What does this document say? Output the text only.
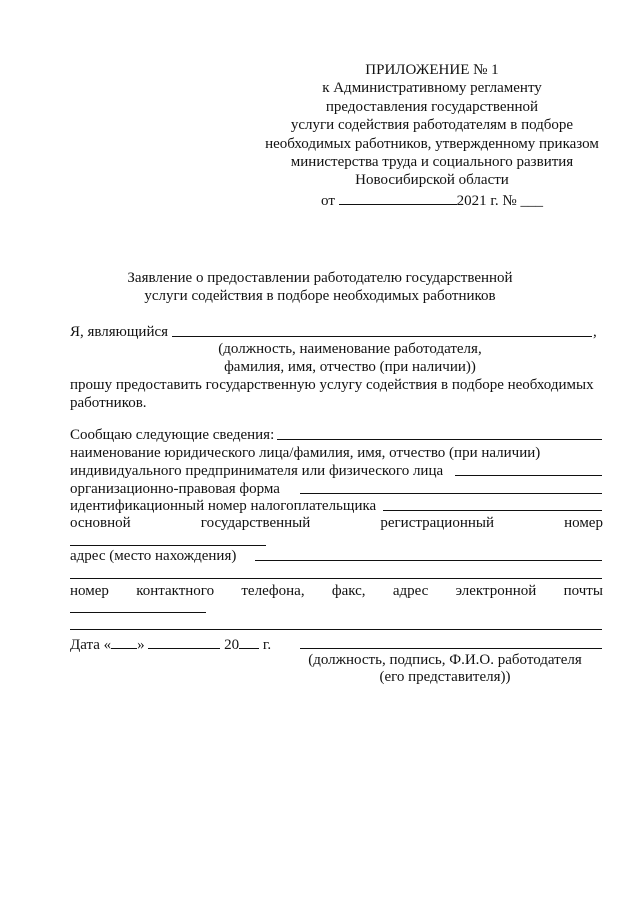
ПРИЛОЖЕНИЕ № 1
к Административному регламенту
предоставления государственной
услуги содействия работодателям в подборе
необходимых работников, утвержденному приказом
министерства труда и социального развития
Новосибирской области
от	2021 г. № ___
Заявление о предоставлении работодателю государственной
услуги содействия в подборе необходимых работников
Я, являющийся	,
(должность, наименование работодателя,
фамилия, имя, отчество (при наличии))
прошу предоставить государственную услугу содействия в подборе необходимых
работников.
Сообщаю следующие сведения:
наименование юридического лица/фамилия, имя, отчество (при наличии)
индивидуального предпринимателя или физического лица
организационно-правовая форма
идентификационный номер налогоплательщика
основной	государственный	регистрационный	номер
адрес (место нахождения)
номер контактного телефона, факс, адрес электронной почты
Дата « »	20 г.
(должность, подпись, Ф.И.О. работодателя
(его представителя))
